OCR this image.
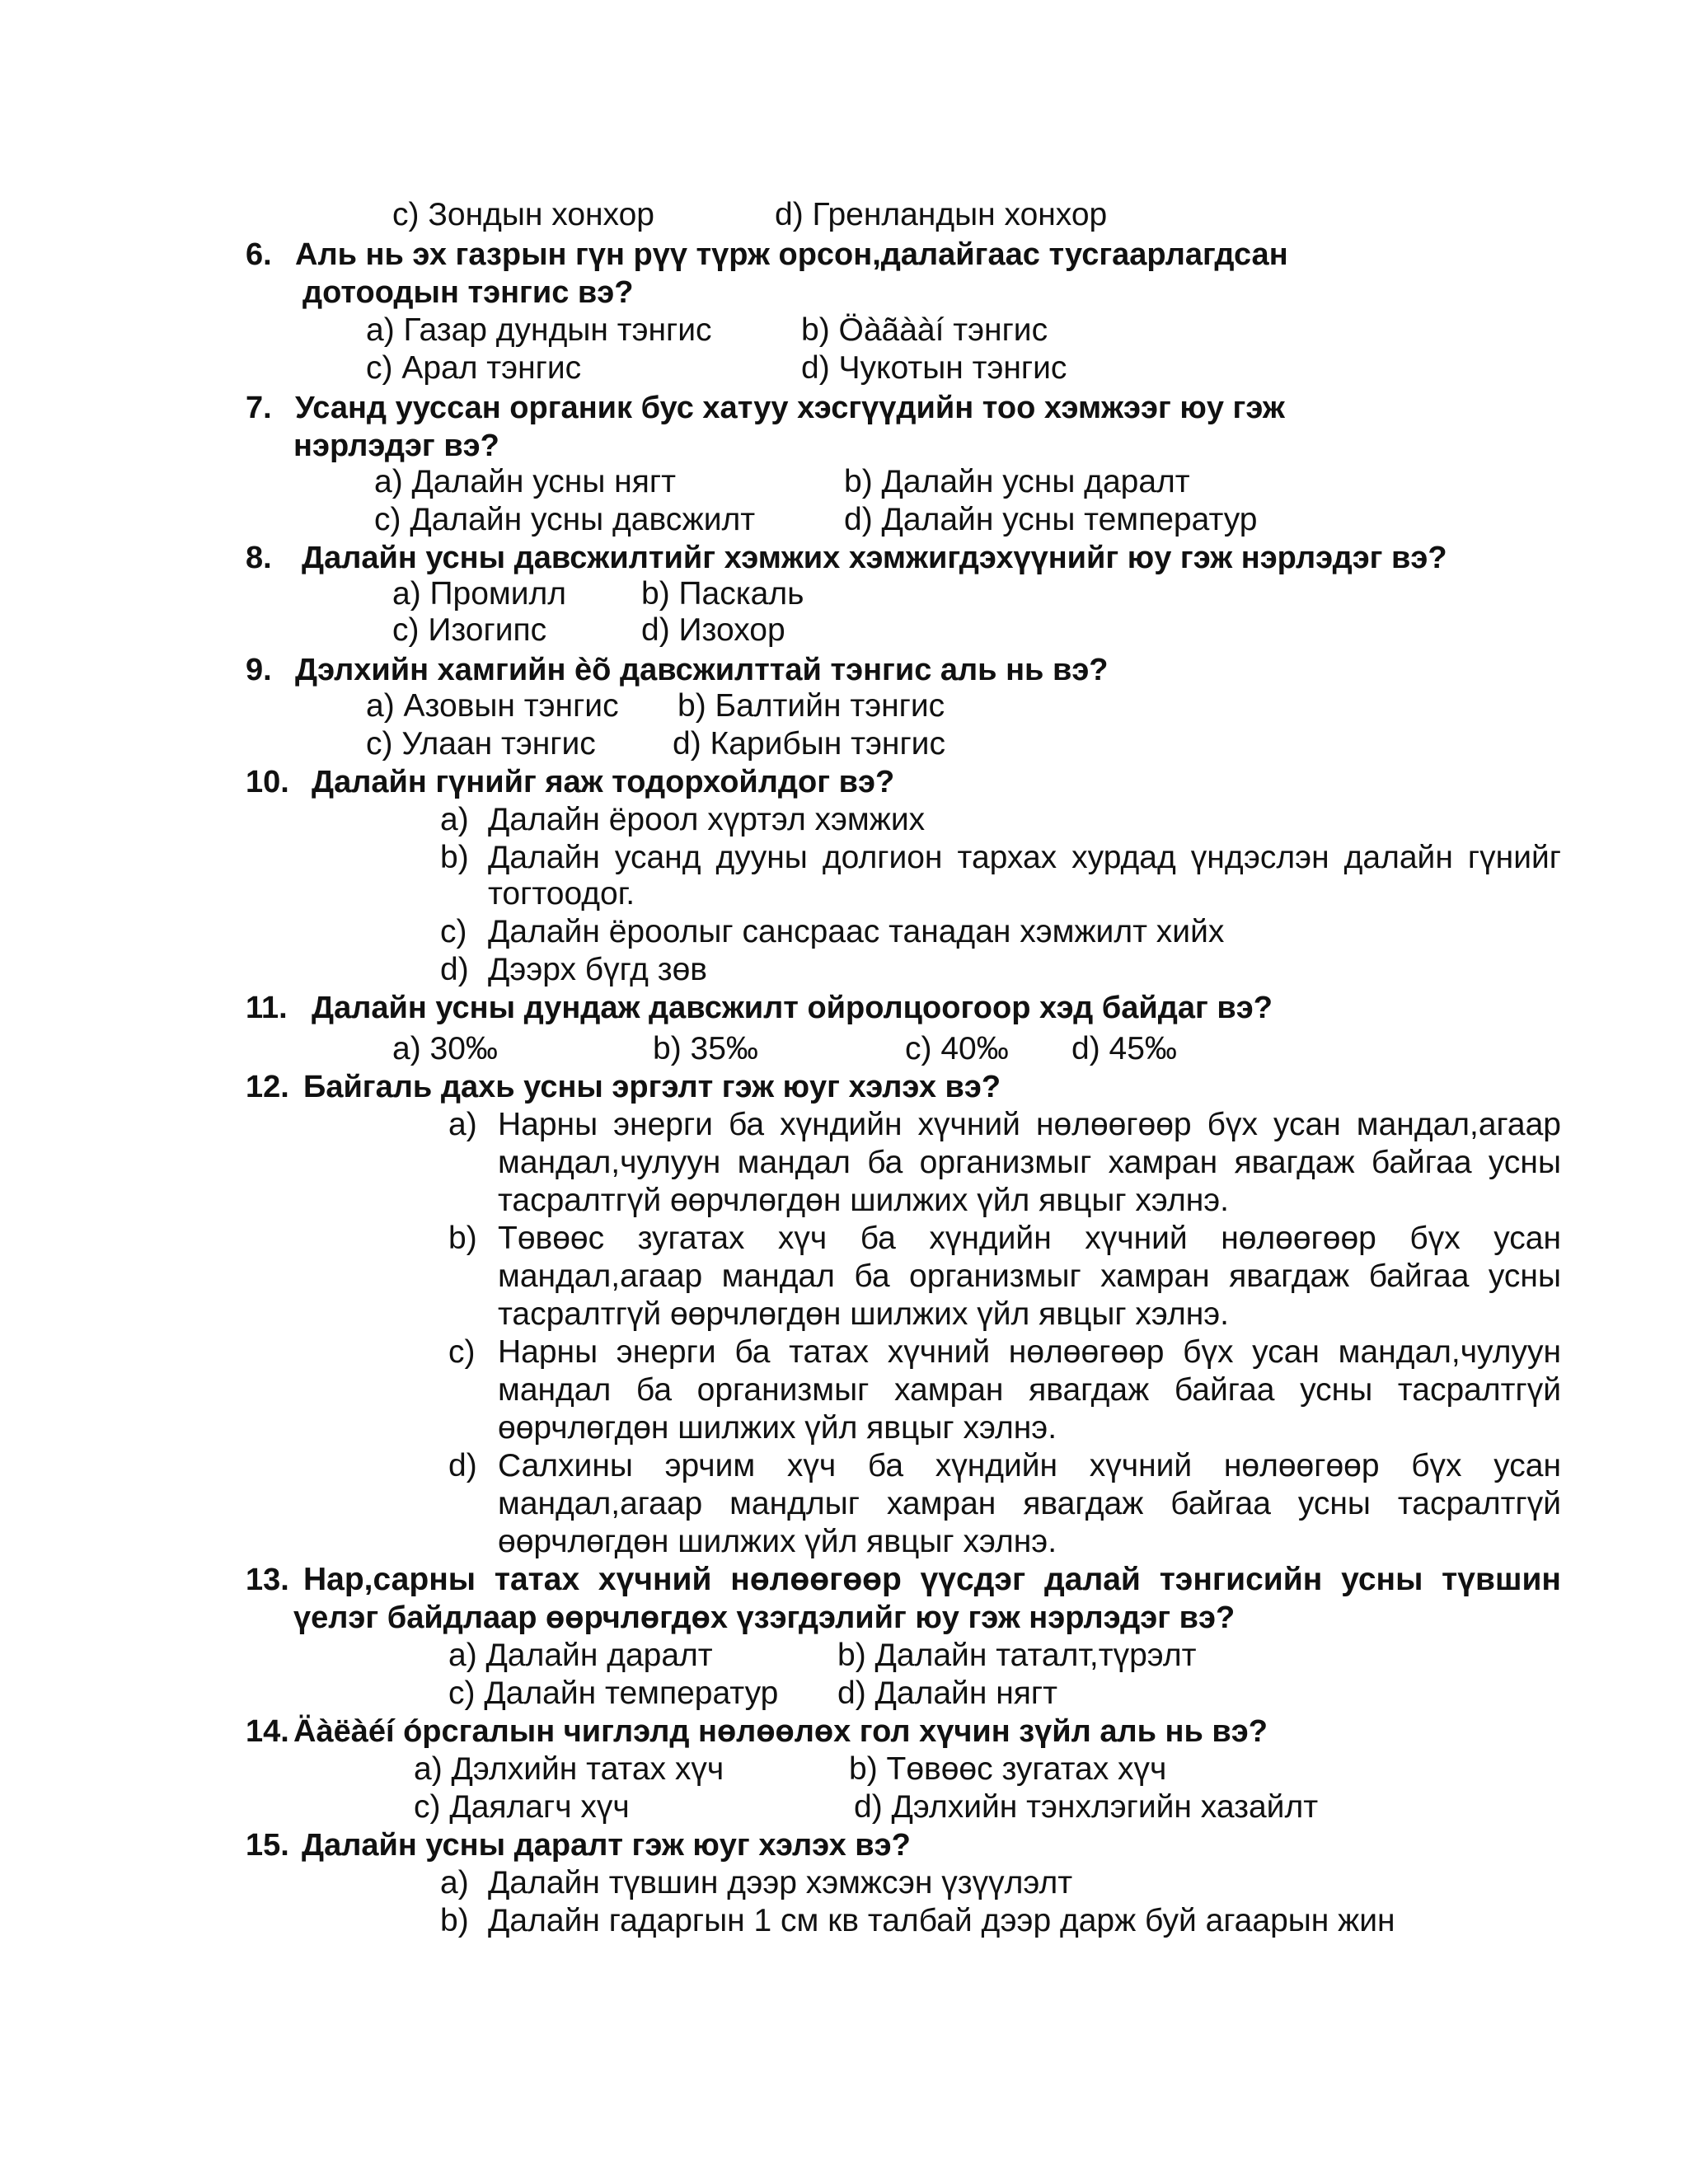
c) Зондын хонхор	d) Гренландын хонхор
6. Аль нь эх газрын гүн рүү түрж орсон,далайгаас тусгаарлагдсан
дотоодын тэнгис вэ?
a) Газар дундын тэнгис	b) Öàãààí тэнгис
c) Арал тэнгис	d) Чукотын тэнгис
7. Усанд ууссан органик бус хатуу хэсгүүдийн тоо хэмжээг юу гэж
нэрлэдэг вэ?
a) Далайн усны нягт	b) Далайн усны даралт
c) Далайн усны давсжилт	d) Далайн усны температур
8. Далайн усны давсжилтийг хэмжих хэмжигдэхүүнийг юу гэж нэрлэдэг вэ?
a) Промилл b) Паскаль
c) Изогипс	d) Изохор
9. Дэлхийн хамгийн èõ давсжилттай тэнгис аль нь вэ?
a) Азовын тэнгис b) Балтийн тэнгис
c) Улаан тэнгис d) Карибын тэнгис
10. Далайн гүнийг яаж тодорхойлдог вэ?
a) Далайн ёроол хүртэл хэмжих
b) Далайн усанд дууны долгион тархах хурдад үндэслэн далайн гүнийг
тогтоодог.
c) Далайн ёроолыг сансраас танадан хэмжилт хийх
d) Дээрх бүгд зөв
11. Далайн усны дундаж давсжилт ойролцоогоор хэд байдаг вэ?
a) 30‰	b) 35‰	c) 40‰ d) 45‰
12. Байгаль дахь усны эргэлт гэж юуг хэлэх вэ?
a) Нарны энерги ба хүндийн хүчний нөлөөгөөр бүх усан мандал,агаар
мандал,чулуун мандал ба организмыг хамран явагдаж байгаа усны
тасралтгүй өөрчлөгдөн шилжих үйл явцыг хэлнэ.
b) Төвөөс зугатах хүч ба хүндийн хүчний нөлөөгөөр бүх усан
мандал,агаар мандал ба организмыг хамран явагдаж байгаа усны
тасралтгүй өөрчлөгдөн шилжих үйл явцыг хэлнэ.
c) Нарны энерги ба татах хүчний нөлөөгөөр бүх усан мандал,чулуун
мандал ба организмыг хамран явагдаж байгаа усны тасралтгүй
өөрчлөгдөн шилжих үйл явцыг хэлнэ.
d) Салхины эрчим хүч ба хүндийн хүчний нөлөөгөөр бүх усан
мандал,агаар мандлыг хамран явагдаж байгаа усны тасралтгүй
өөрчлөгдөн шилжих үйл явцыг хэлнэ.
13. Нар,сарны татах хүчний нөлөөгөөр үүсдэг далай тэнгисийн усны түвшин
үелэг байдлаар өөрчлөгдөх үзэгдэлийг юу гэж нэрлэдэг вэ?
a) Далайн даралт	b) Далайн таталт,түрэлт
c) Далайн температур d) Далайн нягт
14. Äàëàéí óрсгалын чиглэлд нөлөөлөх гол хүчин зүйл аль нь вэ?
a) Дэлхийн татах хүч	b) Төвөөс зугатах хүч
c) Даялагч хүч	d) Дэлхийн тэнхлэгийн хазайлт
15. Далайн усны даралт гэж юуг хэлэх вэ?
a) Далайн түвшин дээр хэмжсэн үзүүлэлт
b) Далайн гадаргын 1 см кв талбай дээр дарж буй агаарын жин
